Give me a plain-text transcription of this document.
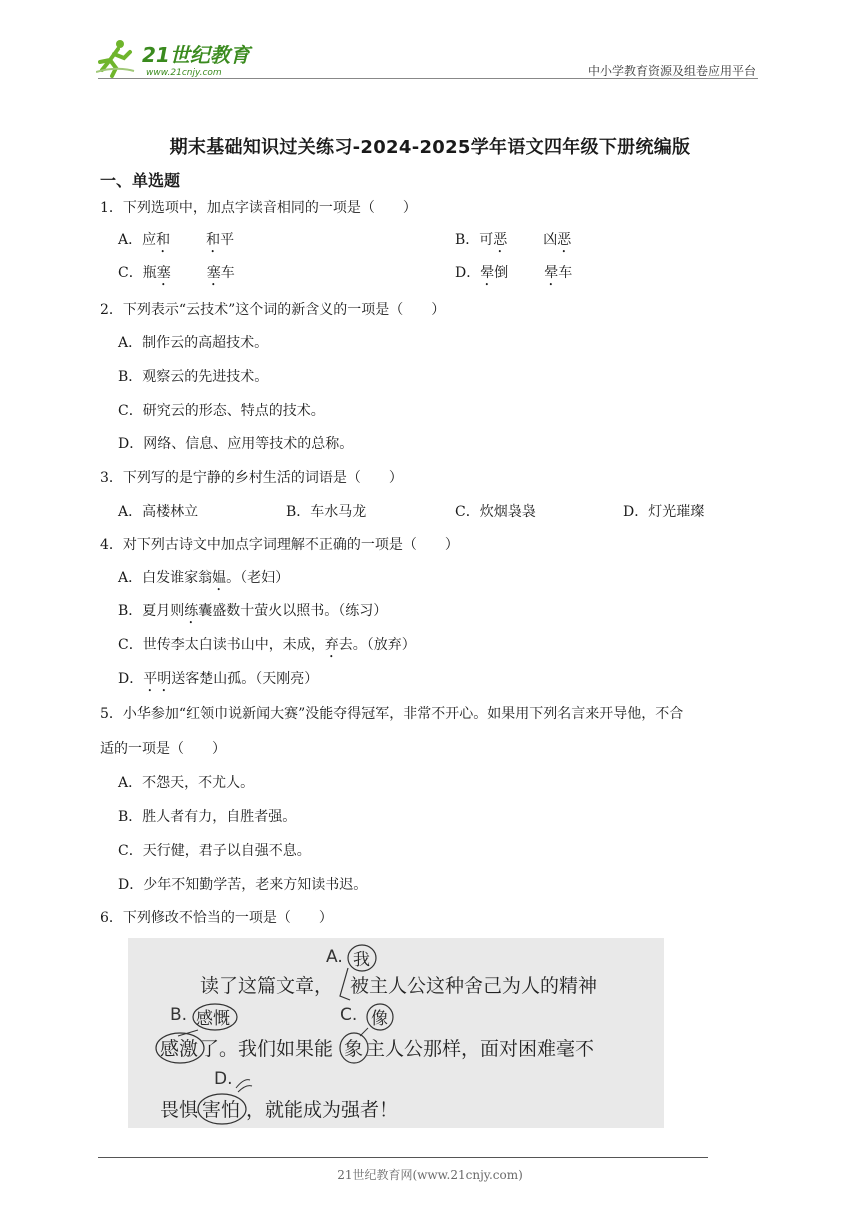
21世纪教育
www.21cnjy.com	中小学教育资源及组卷应用平台
期末基础知识过关练习-2024-2025学年语文四年级下册统编版
一、单选题
1．下列选项中，加点字读音相同的一项是（　　）
A．应和	和平	B．可恶	凶恶
C．瓶塞	塞车	D．晕倒	晕车
2．下列表示“云技术”这个词的新含义的一项是（　　）
A．制作云的高超技术。
B．观察云的先进技术。
C．研究云的形态、特点的技术。
D．网络、信息、应用等技术的总称。
3．下列写的是宁静的乡村生活的词语是（　　）
A．高楼林立	B．车水马龙	C．炊烟袅袅	D．灯光璀璨
4．对下列古诗文中加点字词理解不正确的一项是（　　）
A．白发谁家翁媪。（老妇）
B．夏月则练囊盛数十萤火以照书。（练习）
C．世传李太白读书山中，未成，弃去。（放弃）
D．平明送客楚山孤。（天刚亮）
5．小华参加“红领巾说新闻大赛”没能夺得冠军，非常不开心。如果用下列名言来开导他，不合
适的一项是（　　）
A．不怨天，不尤人。
B．胜人者有力，自胜者强。
C．天行健，君子以自强不息。
D．少年不知勤学苦，老来方知读书迟。
6．下列修改不恰当的一项是（　　）
A. 我
读了这篇文章， 被主人公这种舍己为人的精神
B. 感慨	C. 像
感激 了。我们如果能 象 主人公那样，面对困难毫不
D.
畏惧 害怕 ，就能成为强者！
21世纪教育网(www.21cnjy.com)
